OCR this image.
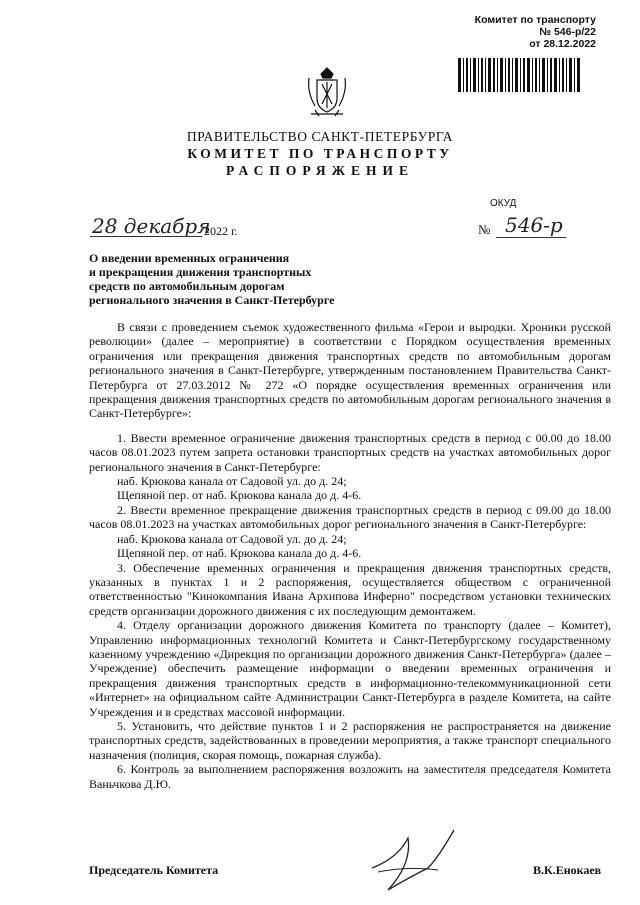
Комитет по транспорту
№ 546-р/22
от 28.12.2022
ПРАВИТЕЛЬСТВО САНКТ-ПЕТЕРБУРГА
КОМИТЕТ ПО ТРАНСПОРТУ
РАСПОРЯЖЕНИЕ
ОКУД
28 декабря
2022 г.	№ 546-р
О введении временных ограничения
и прекращения движения транспортных
средств по автомобильным дорогам
регионального значения в Санкт-Петербурге

В связи с проведением съемок художественного фильма «Герои и выродки. Хроники русской революции» (далее – мероприятие) в соответствии с Порядком осуществления временных ограничения или прекращения движения транспортных средств по автомобильным дорогам регионального значения в Санкт-Петербурге, утвержденным постановлением Правительства Санкт-Петербурга от 27.03.2012 № 272 «О порядке осуществления временных ограничения или прекращения движения транспортных средств по автомобильным дорогам регионального значения в Санкт-Петербурге»:

1. Ввести временное ограничение движения транспортных средств в период с 00.00 до 18.00 часов 08.01.2023 путем запрета остановки транспортных средств на участках автомобильных дорог регионального значения в Санкт-Петербурге:

наб. Крюкова канала от Садовой ул. до д. 24;

Щепяной пер. от наб. Крюкова канала до д. 4-6.

2. Ввести временное прекращение движения транспортных средств в период с 09.00 до 18.00 часов 08.01.2023 на участках автомобильных дорог регионального значения в Санкт-Петербурге:

наб. Крюкова канала от Садовой ул. до д. 24;

Щепяной пер. от наб. Крюкова канала до д. 4-6.

3. Обеспечение временных ограничения и прекращения движения транспортных средств, указанных в пунктах 1 и 2 распоряжения, осуществляется обществом с ограниченной ответственностью "Кинокомпания Ивана Архипова Инферно" посредством установки технических средств организации дорожного движения с их последующим демонтажем.

4. Отделу организации дорожного движения Комитета по транспорту (далее – Комитет), Управлению информационных технологий Комитета и Санкт-Петербургскому государственному казенному учреждению «Дирекция по организации дорожного движения Санкт-Петербурга» (далее – Учреждение) обеспечить размещение информации о введении временных ограничения и прекращения движения транспортных средств в информационно-телекоммуникационной сети «Интернет» на официальном сайте Администрации Санкт-Петербурга в разделе Комитета, на сайте Учреждения и в средствах массовой информации.

5. Установить, что действие пунктов 1 и 2 распоряжения не распространяется на движение транспортных средств, задействованных в проведении мероприятия, а также транспорт специального назначения (полиция, скорая помощь, пожарная служба).

6. Контроль за выполнением распоряжения возложить на заместителя председателя Комитета Ваньчкова Д.Ю.

Председатель Комитета	В.К.Енокаев
